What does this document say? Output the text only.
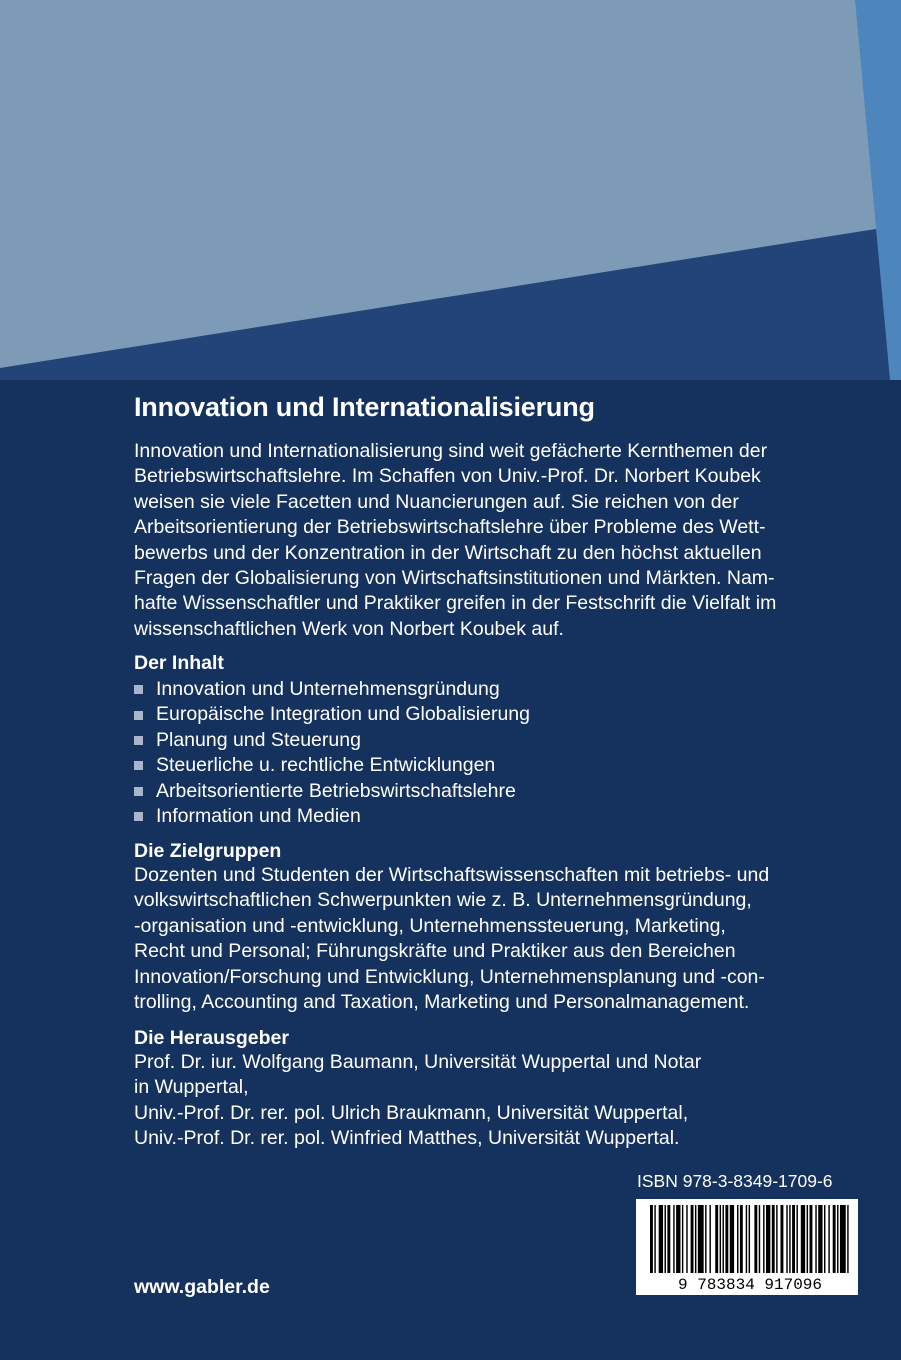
Innovation und Internationalisierung
Innovation und Internationalisierung sind weit gefächerte Kernthemen der
Betriebswirtschaftslehre. Im Schaffen von Univ.-Prof. Dr. Norbert Koubek
weisen sie viele Facetten und Nuancierungen auf. Sie reichen von der
Arbeitsorientierung der Betriebswirtschaftslehre über Probleme des Wett-
bewerbs und der Konzentration in der Wirtschaft zu den höchst aktuellen
Fragen der Globalisierung von Wirtschaftsinstitutionen und Märkten. Nam-
hafte Wissenschaftler und Praktiker greifen in der Festschrift die Vielfalt im
wissenschaftlichen Werk von Norbert Koubek auf.
Der Inhalt
Innovation und Unternehmensgründung
Europäische Integration und Globalisierung
Planung und Steuerung
Steuerliche u. rechtliche Entwicklungen
Arbeitsorientierte Betriebswirtschaftslehre
Information und Medien
Die Zielgruppen
Dozenten und Studenten der Wirtschaftswissenschaften mit betriebs- und
volkswirtschaftlichen Schwerpunkten wie z. B. Unternehmensgründung,
-organisation und -entwicklung, Unternehmenssteuerung, Marketing,
Recht und Personal; Führungskräfte und Praktiker aus den Bereichen
Innovation/Forschung und Entwicklung, Unternehmensplanung und -con-
trolling, Accounting and Taxation, Marketing und Personalmanagement.
Die Herausgeber
Prof. Dr. iur. Wolfgang Baumann, Universität Wuppertal und Notar
in Wuppertal,
Univ.-Prof. Dr. rer. pol. Ulrich Braukmann, Universität Wuppertal,
Univ.-Prof. Dr. rer. pol. Winfried Matthes, Universität Wuppertal.
ISBN 978-3-8349-1709-6
9 783834 917096
www.gabler.de
